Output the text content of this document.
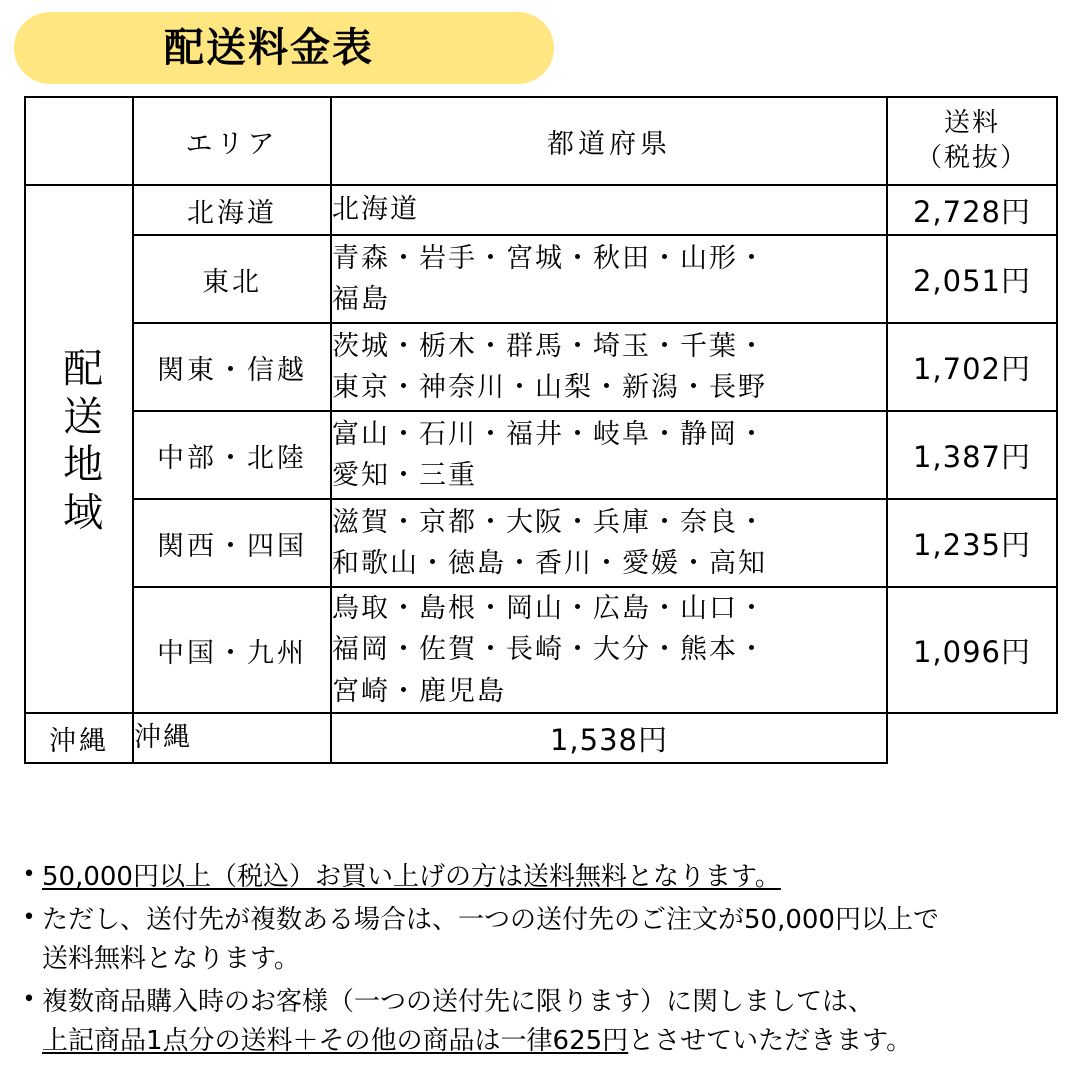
配送料金表
	エリア	都道府県	送料
（税抜）

配送地域	北海道	北海道	2,728円
	東北	青森・岩手・宮城・秋田・山形・
福島	2,051円
	関東・信越	茨城・栃木・群馬・埼玉・千葉・
東京・神奈川・山梨・新潟・長野	1,702円
	中部・北陸	富山・石川・福井・岐阜・静岡・
愛知・三重	1,387円
	関西・四国	滋賀・京都・大阪・兵庫・奈良・
和歌山・徳島・香川・愛媛・高知	1,235円
	中国・九州	鳥取・島根・岡山・広島・山口・
福岡・佐賀・長崎・大分・熊本・
宮崎・鹿児島	1,096円
沖縄	沖縄	1,538円	
• 50,000円以上（税込）お買い上げの方は送料無料となります。
• ただし、送付先が複数ある場合は、一つの送付先のご注文が50,000円以上で
送料無料となります。
• 複数商品購入時のお客様（一つの送付先に限ります）に関しましては、
上記商品1点分の送料＋その他の商品は一律625円とさせていただきます。
